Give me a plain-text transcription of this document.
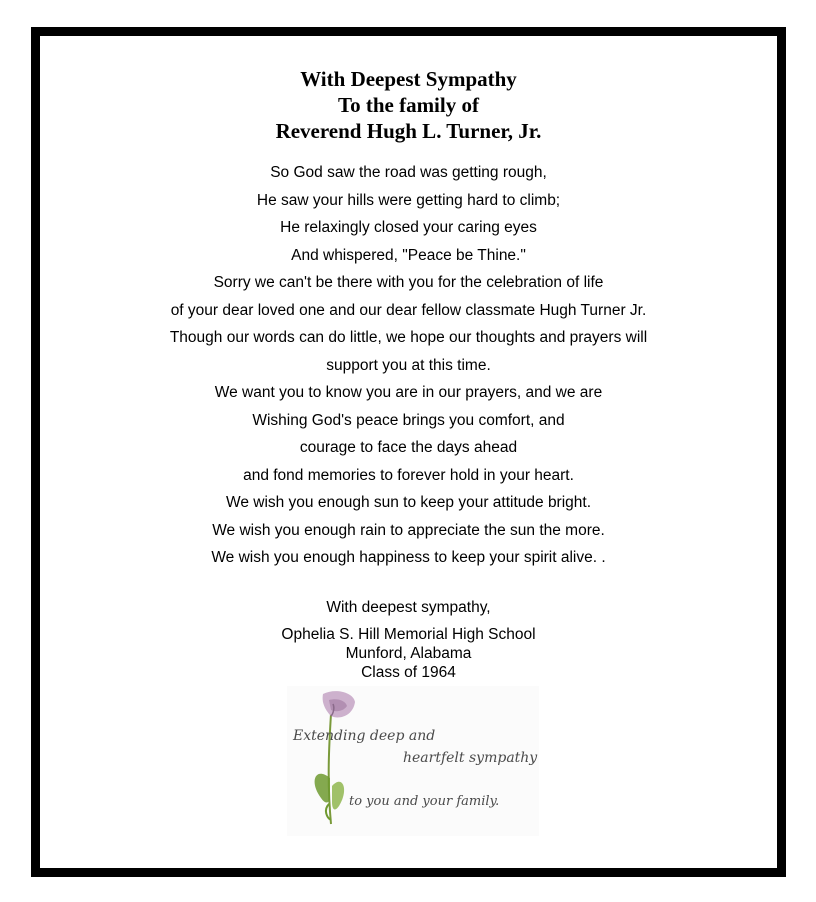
With Deepest Sympathy
To the family of
Reverend Hugh L. Turner, Jr.
So God saw the road was getting rough,
He saw your hills were getting hard to climb;
He relaxingly closed your caring eyes
And whispered, "Peace be Thine."
Sorry we can't be there with you for the celebration of life
of your dear loved one and our dear fellow classmate Hugh Turner Jr.
Though our words can do little, we hope our thoughts and prayers will
support you at this time.
We want you to know you are in our prayers, and we are
Wishing God's peace brings you comfort, and
courage to face the days ahead
and fond memories to forever hold in your heart.
We wish you enough sun to keep your attitude bright.
We wish you enough rain to appreciate the sun the more.
We wish you enough happiness to keep your spirit alive. .
With deepest sympathy,
Ophelia S. Hill Memorial High School
Munford, Alabama
Class of 1964
Extending deep and
heartfelt sympathy
to you and your family.
